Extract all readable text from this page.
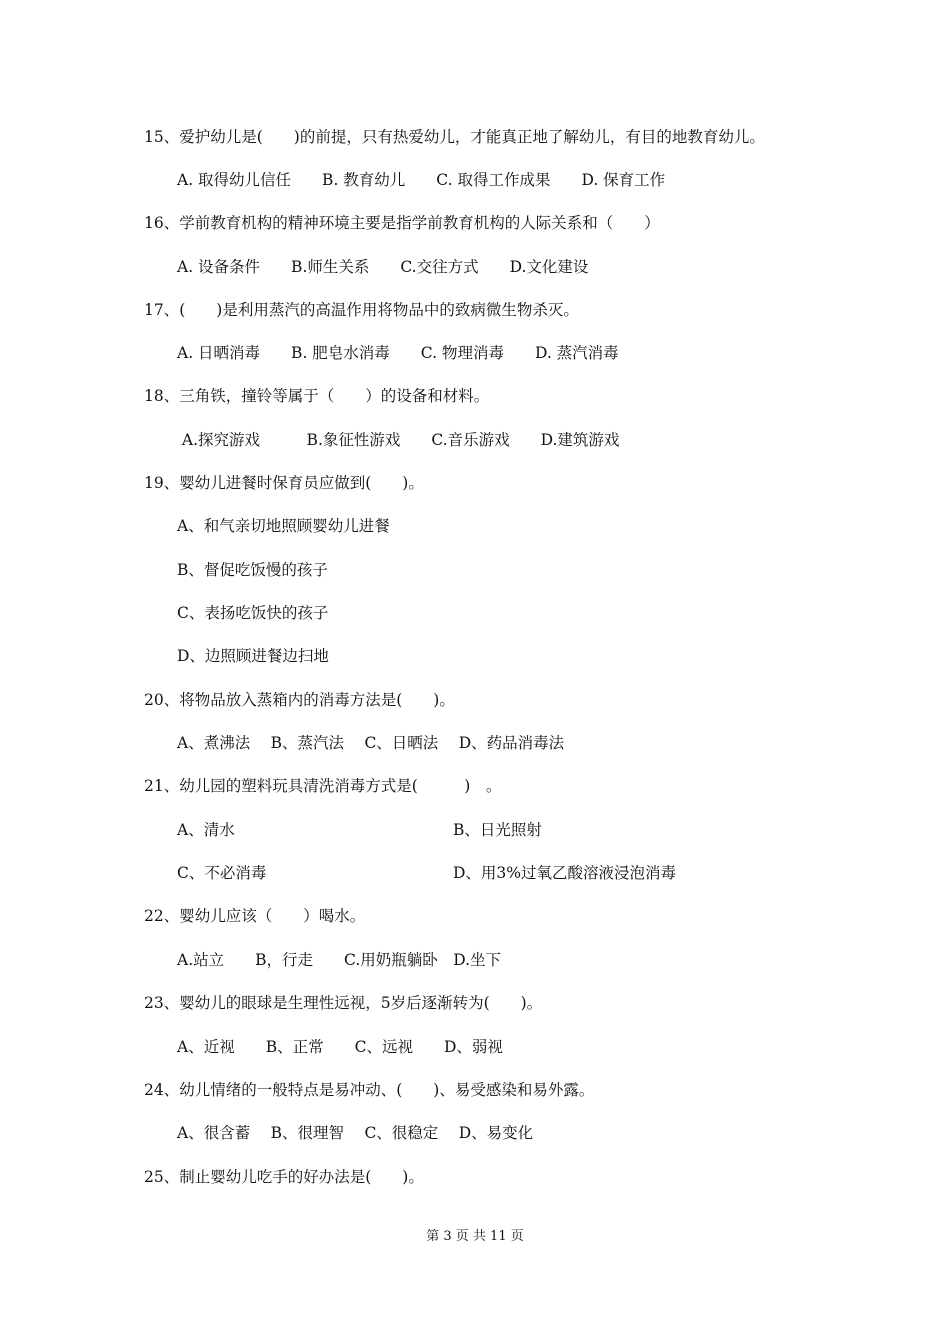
15、爱护幼儿是(　　)的前提，只有热爱幼儿，才能真正地了解幼儿，有目的地教育幼儿。
A. 取得幼儿信任　　B. 教育幼儿　　C. 取得工作成果　　D. 保育工作
16、学前教育机构的精神环境主要是指学前教育机构的人际关系和（　　）
A. 设备条件　　B.师生关系　　C.交往方式　　D.文化建设
17、(　　)是利用蒸汽的高温作用将物品中的致病微生物杀灭。
A. 日晒消毒　　B. 肥皂水消毒　　C. 物理消毒　　D. 蒸汽消毒
18、三角铁，撞铃等属于（　　）的设备和材料。
A.探究游戏　　　B.象征性游戏　　C.音乐游戏　　D.建筑游戏
19、婴幼儿进餐时保育员应做到(　　)。
A、和气亲切地照顾婴幼儿进餐
B、督促吃饭慢的孩子
C、表扬吃饭快的孩子
D、边照顾进餐边扫地
20、将物品放入蒸箱内的消毒方法是(　　)。
A、煮沸法　 B、蒸汽法　 C、日晒法　 D、药品消毒法
21、幼儿园的塑料玩具清洗消毒方式是(　　　)　。
A、清水	B、日光照射
C、不必消毒	D、用3%过氧乙酸溶液浸泡消毒
22、婴幼儿应该（　　）喝水。
A.站立　　B，行走　　C.用奶瓶躺卧　D.坐下
23、婴幼儿的眼球是生理性远视，5岁后逐渐转为(　　)。
A、近视　　B、正常　　C、远视　　D、弱视
24、幼儿情绪的一般特点是易冲动、(　　)、易受感染和易外露。
A、很含蓄　 B、很理智　 C、很稳定　 D、易变化
25、制止婴幼儿吃手的好办法是(　　)。
第 3 页 共 11 页
